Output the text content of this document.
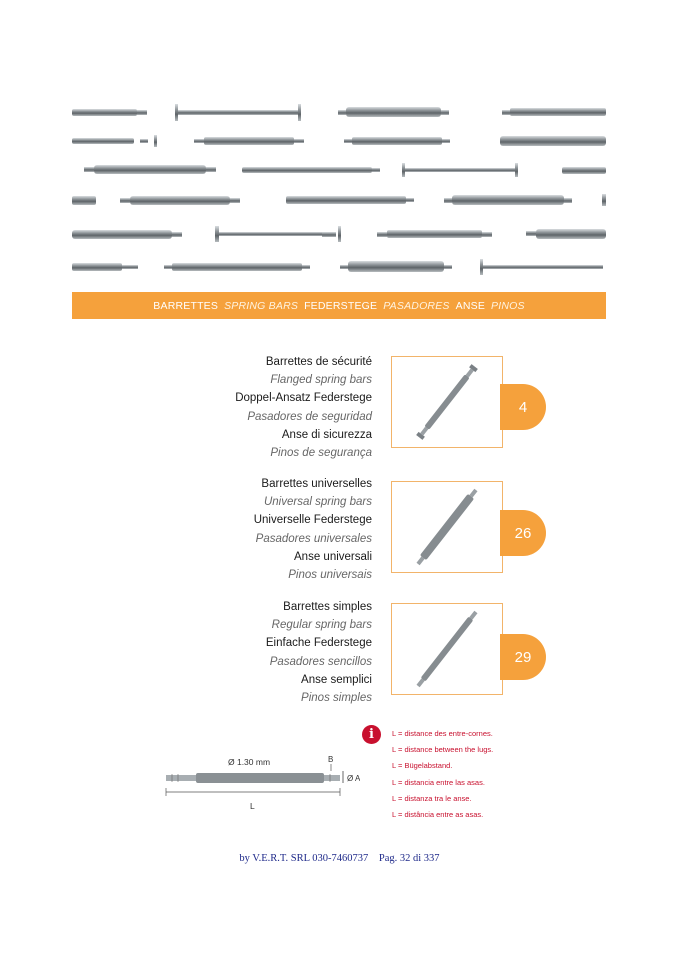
BARRETTES SPRING BARS FEDERSTEGE PASADORES ANSE PINOS
Barrettes de sécurité
Flanged spring bars
Doppel-Ansatz Federstege
Pasadores de seguridad
Anse di sicurezza
Pinos de segurança
4
Barrettes universelles
Universal spring bars
Universelle Federstege
Pasadores universales
Anse universali
Pinos universais
26
Barrettes simples
Regular spring bars
Einfache Federstege
Pasadores sencillos
Anse semplici
Pinos simples
29
Ø 1.30 mm	B
Ø A
L
i	L = distance des entre-cornes.
L = distance between the lugs.
L = Bügelabstand.
L = distancia entre las asas.
L = distanza tra le anse.
L = distância entre as asas.
by V.E.R.T. SRL 030-7460737 Pag. 32 di 337
